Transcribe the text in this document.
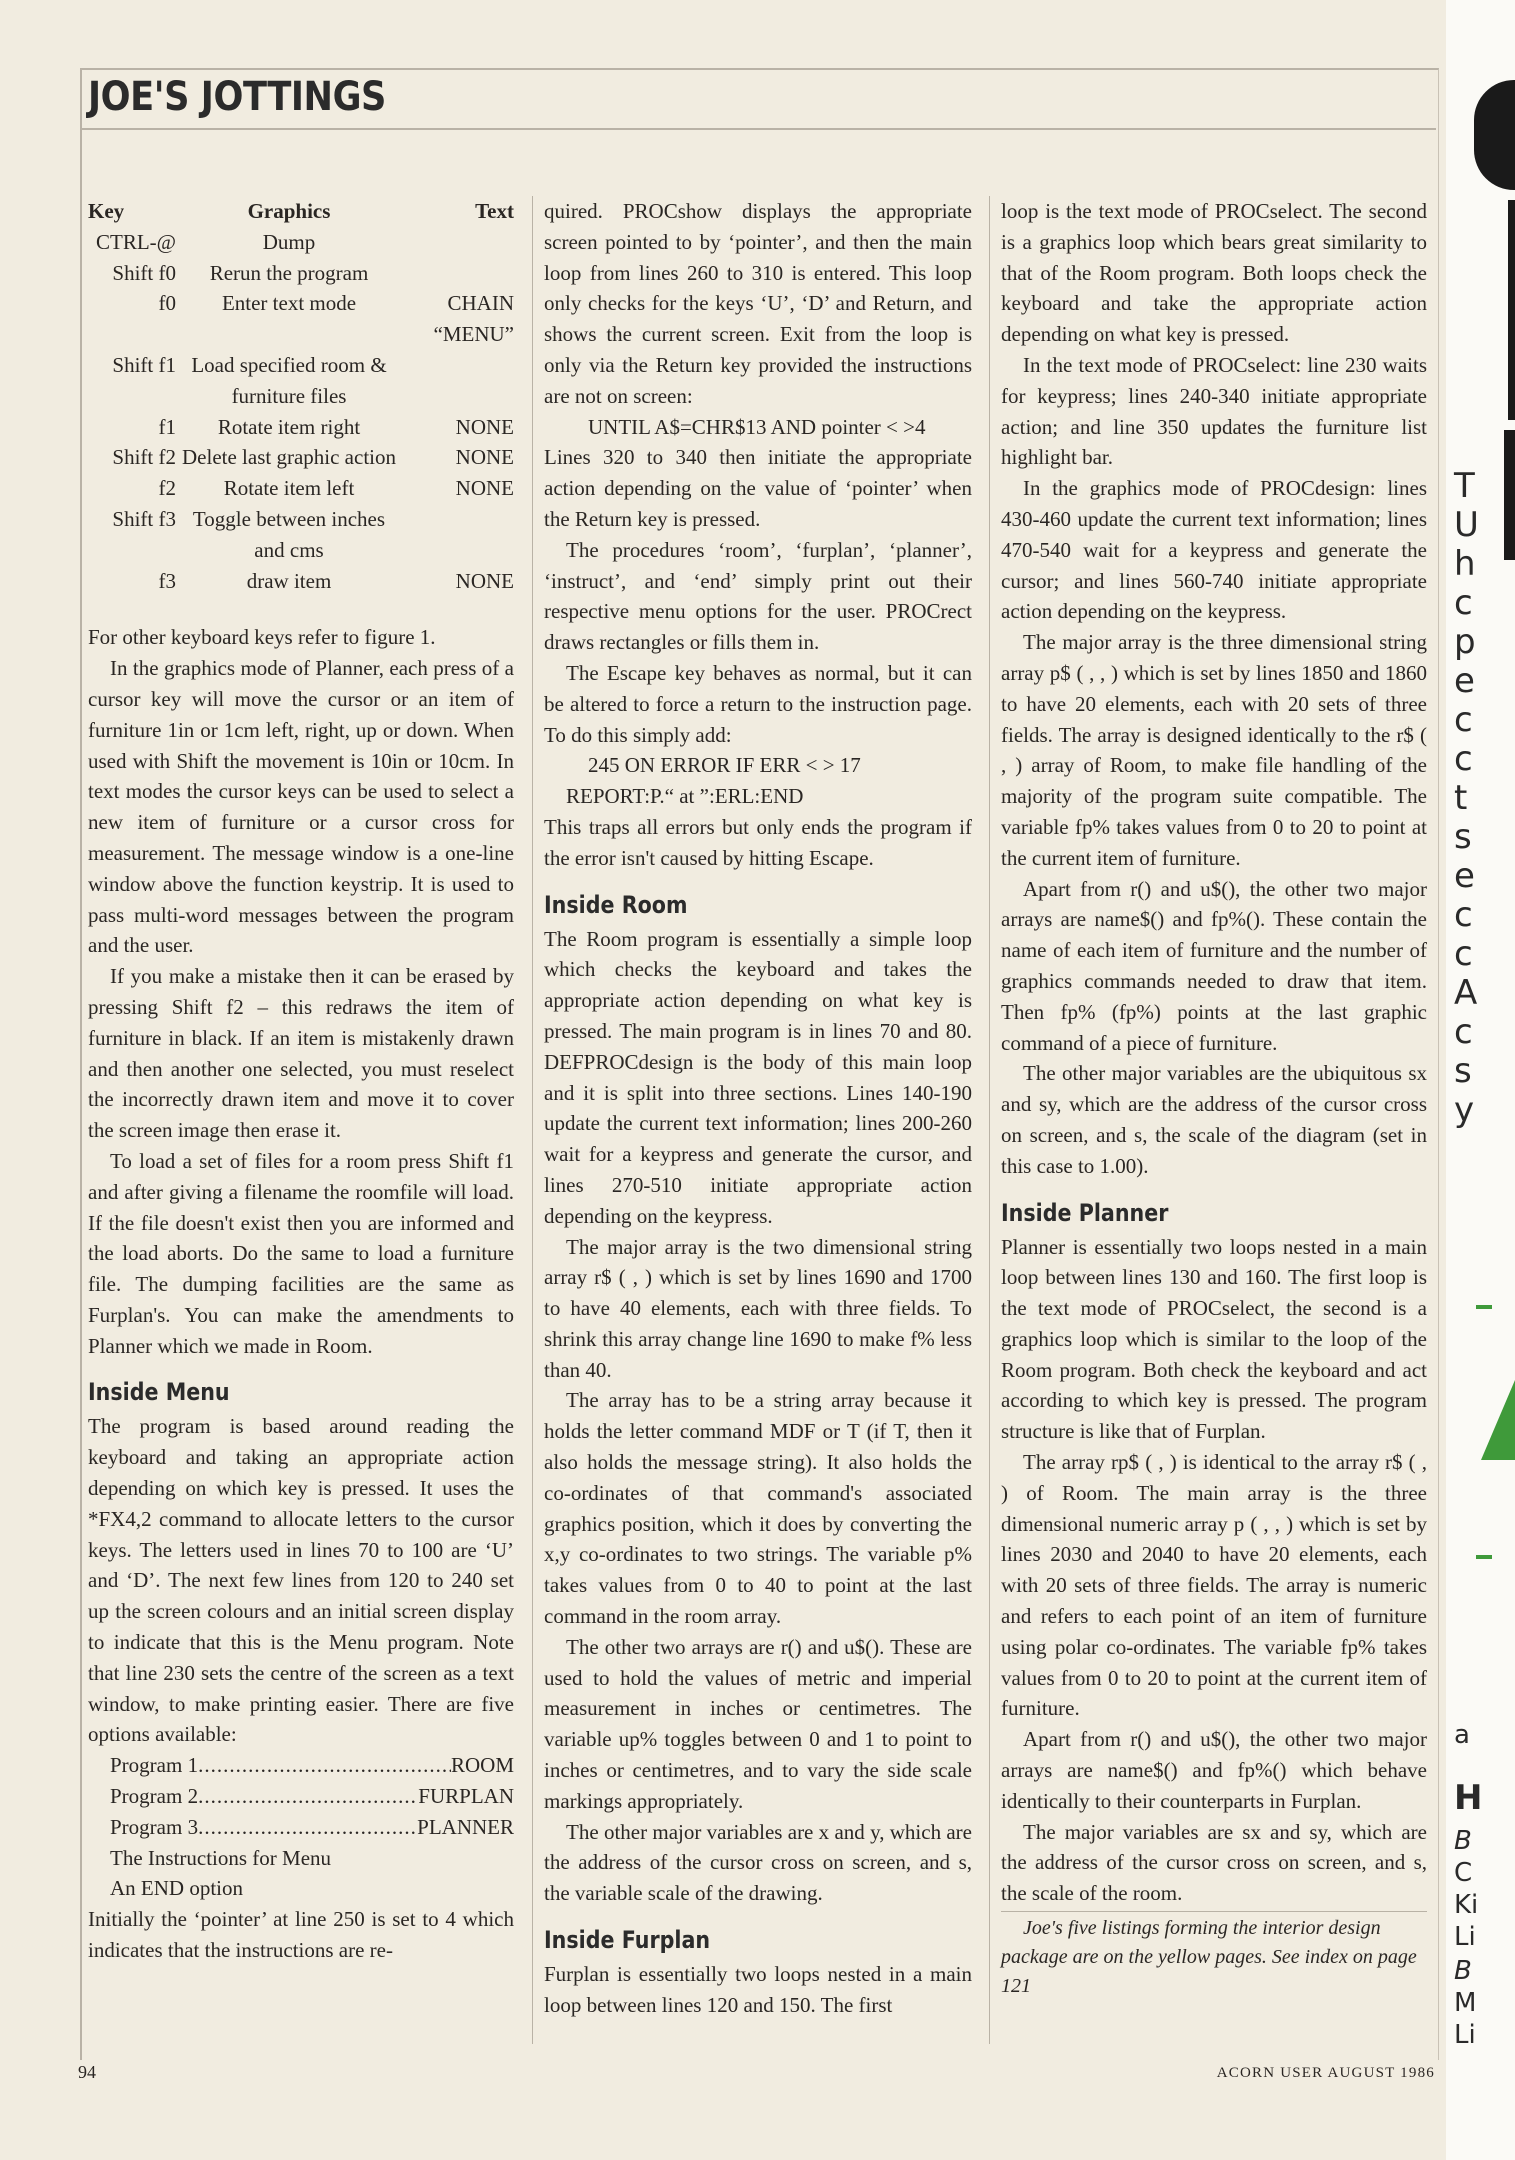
JOE'S JOTTINGS
Key	Graphics	Text
CTRL-@	Dump	
Shift f0	Rerun the program	
f0	Enter text mode	CHAIN “MENU”
Shift f1	Load specified room & furniture files	
f1	Rotate item right	NONE
Shift f2	Delete last graphic action	NONE
f2	Rotate item left	NONE
Shift f3	Toggle between inches and cms	
f3	draw item	NONE

For other keyboard keys refer to figure 1.

In the graphics mode of Planner, each press of a cursor key will move the cursor or an item of furniture 1in or 1cm left, right, up or down. When used with Shift the movement is 10in or 10cm. In text modes the cursor keys can be used to select a new item of furniture or a cursor cross for measurement. The message window is a one-line window above the function keystrip. It is used to pass multi-word messages between the program and the user.

If you make a mistake then it can be erased by pressing Shift f2 – this redraws the item of furniture in black. If an item is mistakenly drawn and then another one selected, you must reselect the incorrectly drawn item and move it to cover the screen image then erase it.

To load a set of files for a room press Shift f1 and after giving a filename the roomfile will load. If the file doesn't exist then you are informed and the load aborts. Do the same to load a furniture file. The dumping facilities are the same as Furplan's. You can make the amendments to Planner which we made in Room.

Inside Menu

The program is based around reading the keyboard and taking an appropriate action depending on which key is pressed. It uses the *FX4,2 command to allocate letters to the cursor keys. The letters used in lines 70 to 100 are ‘U’ and ‘D’. The next few lines from 120 to 240 set up the screen colours and an initial screen display to indicate that this is the Menu program. Note that line 230 sets the centre of the screen as a text window, to make printing easier. There are five options available:

Program 1 .....	ROOM
Program 2 .....	FURPLAN
Program 3 .....	PLANNER
The Instructions for Menu
An END option

Initially the ‘pointer’ at line 250 is set to 4 which indicates that the instructions are re-

quired. PROCshow displays the appropriate screen pointed to by ‘pointer’, and then the main loop from lines 260 to 310 is entered. This loop only checks for the keys ‘U’, ‘D’ and Return, and shows the current screen. Exit from the loop is only via the Return key provided the instructions are not on screen:

UNTIL A$=CHR$13 AND pointer < >4

Lines 320 to 340 then initiate the appropriate action depending on the value of ‘pointer’ when the Return key is pressed.

The procedures ‘room’, ‘furplan’, ‘planner’, ‘instruct’, and ‘end’ simply print out their respective menu options for the user. PROCrect draws rectangles or fills them in.

The Escape key behaves as normal, but it can be altered to force a return to the instruction page. To do this simply add:

245 ON ERROR IF ERR < > 17

REPORT:P.“ at ”:ERL:END

This traps all errors but only ends the program if the error isn't caused by hitting Escape.

Inside Room

The Room program is essentially a simple loop which checks the keyboard and takes the appropriate action depending on what key is pressed. The main program is in lines 70 and 80. DEFPROCdesign is the body of this main loop and it is split into three sections. Lines 140-190 update the current text information; lines 200-260 wait for a keypress and generate the cursor, and lines 270-510 initiate appropriate action depending on the keypress.

The major array is the two dimensional string array r$ ( , ) which is set by lines 1690 and 1700 to have 40 elements, each with three fields. To shrink this array change line 1690 to make f% less than 40.

The array has to be a string array because it holds the letter command MDF or T (if T, then it also holds the message string). It also holds the co-ordinates of that command's associated graphics position, which it does by converting the x,y co-ordinates to two strings. The variable p% takes values from 0 to 40 to point at the last command in the room array.

The other two arrays are r() and u$(). These are used to hold the values of metric and imperial measurement in inches or centimetres. The variable up% toggles between 0 and 1 to point to inches or centimetres, and to vary the side scale markings appropriately.

The other major variables are x and y, which are the address of the cursor cross on screen, and s, the variable scale of the drawing.

Inside Furplan

Furplan is essentially two loops nested in a main loop between lines 120 and 150. The first

loop is the text mode of PROCselect. The second is a graphics loop which bears great similarity to that of the Room program. Both loops check the keyboard and take the appropriate action depending on what key is pressed.

In the text mode of PROCselect: line 230 waits for keypress; lines 240-340 initiate appropriate action; and line 350 updates the furniture list highlight bar.

In the graphics mode of PROCdesign: lines 430-460 update the current text information; lines 470-540 wait for a keypress and generate the cursor; and lines 560-740 initiate appropriate action depending on the keypress.

The major array is the three dimensional string array p$ ( , , ) which is set by lines 1850 and 1860 to have 20 elements, each with 20 sets of three fields. The array is designed identically to the r$ ( , ) array of Room, to make file handling of the majority of the program suite compatible. The variable fp% takes values from 0 to 20 to point at the current item of furniture.

Apart from r() and u$(), the other two major arrays are name$() and fp%(). These contain the name of each item of furniture and the number of graphics commands needed to draw that item. Then fp% (fp%) points at the last graphic command of a piece of furniture.

The other major variables are the ubiquitous sx and sy, which are the address of the cursor cross on screen, and s, the scale of the diagram (set in this case to 1.00).

Inside Planner

Planner is essentially two loops nested in a main loop between lines 130 and 160. The first loop is the text mode of PROCselect, the second is a graphics loop which is similar to the loop of the Room program. Both check the keyboard and act according to which key is pressed. The program structure is like that of Furplan.

The array rp$ ( , ) is identical to the array r$ ( , ) of Room. The main array is the three dimensional numeric array p ( , , ) which is set by lines 2030 and 2040 to have 20 elements, each with 20 sets of three fields. The array is numeric and refers to each point of an item of furniture using polar co-ordinates. The variable fp% takes values from 0 to 20 to point at the current item of furniture.

Apart from r() and u$(), the other two major arrays are name$() and fp%() which behave identically to their counterparts in Furplan.

The major variables are sx and sy, which are the address of the cursor cross on screen, and s, the scale of the room.

Joe's five listings forming the interior design package are on the yellow pages. See index on page 121

94	ACORN USER AUGUST 1986
T
U
h
c
p
e
c
c
t
s
e
c
c
A
c
s
y
a
H
B
C
Ki
Li
B
M
Li
